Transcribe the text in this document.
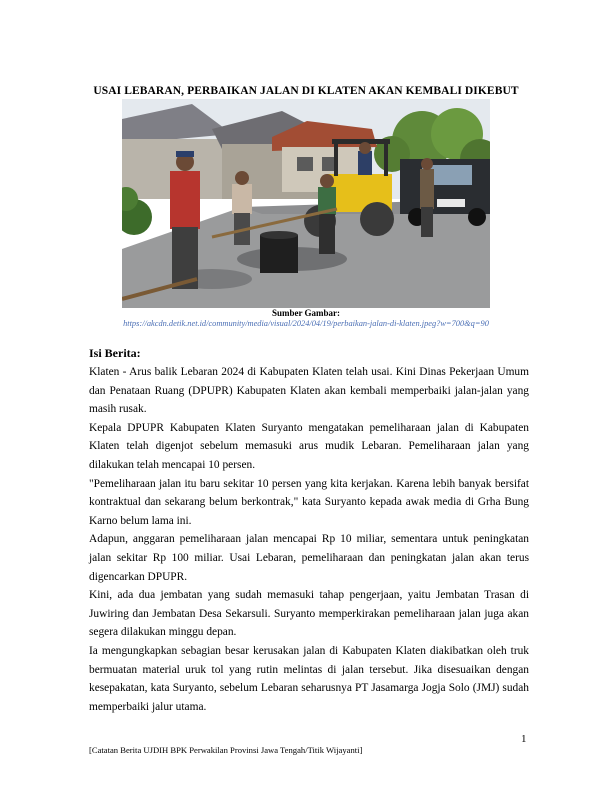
USAI LEBARAN, PERBAIKAN JALAN DI KLATEN AKAN KEMBALI DIKEBUT
Sumber Gambar:
https://akcdn.detik.net.id/community/media/visual/2024/04/19/perbaikan-jalan-di-klaten.jpeg?w=700&q=90
Isi Berita:

Klaten - Arus balik Lebaran 2024 di Kabupaten Klaten telah usai. Kini Dinas Pekerjaan Umum dan Penataan Ruang (DPUPR) Kabupaten Klaten akan kembali memperbaiki jalan-jalan yang masih rusak.

Kepala DPUPR Kabupaten Klaten Suryanto mengatakan pemeliharaan jalan di Kabupaten Klaten telah digenjot sebelum memasuki arus mudik Lebaran. Pemeliharaan jalan yang dilakukan telah mencapai 10 persen.

"Pemeliharaan jalan itu baru sekitar 10 persen yang kita kerjakan. Karena lebih banyak bersifat kontraktual dan sekarang belum berkontrak," kata Suryanto kepada awak media di Grha Bung Karno belum lama ini.

Adapun, anggaran pemeliharaan jalan mencapai Rp 10 miliar, sementara untuk peningkatan jalan sekitar Rp 100 miliar. Usai Lebaran, pemeliharaan dan peningkatan jalan akan terus digencarkan DPUPR.

Kini, ada dua jembatan yang sudah memasuki tahap pengerjaan, yaitu Jembatan Trasan di Juwiring dan Jembatan Desa Sekarsuli. Suryanto memperkirakan pemeliharaan jalan juga akan segera dilakukan minggu depan.

Ia mengungkapkan sebagian besar kerusakan jalan di Kabupaten Klaten diakibatkan oleh truk bermuatan material uruk tol yang rutin melintas di jalan tersebut. Jika disesuaikan dengan kesepakatan, kata Suryanto, sebelum Lebaran seharusnya PT Jasamarga Jogja Solo (JMJ) sudah memperbaiki jalur utama.

1
[Catatan Berita UJDIH BPK Perwakilan Provinsi Jawa Tengah/Titik Wijayanti]
